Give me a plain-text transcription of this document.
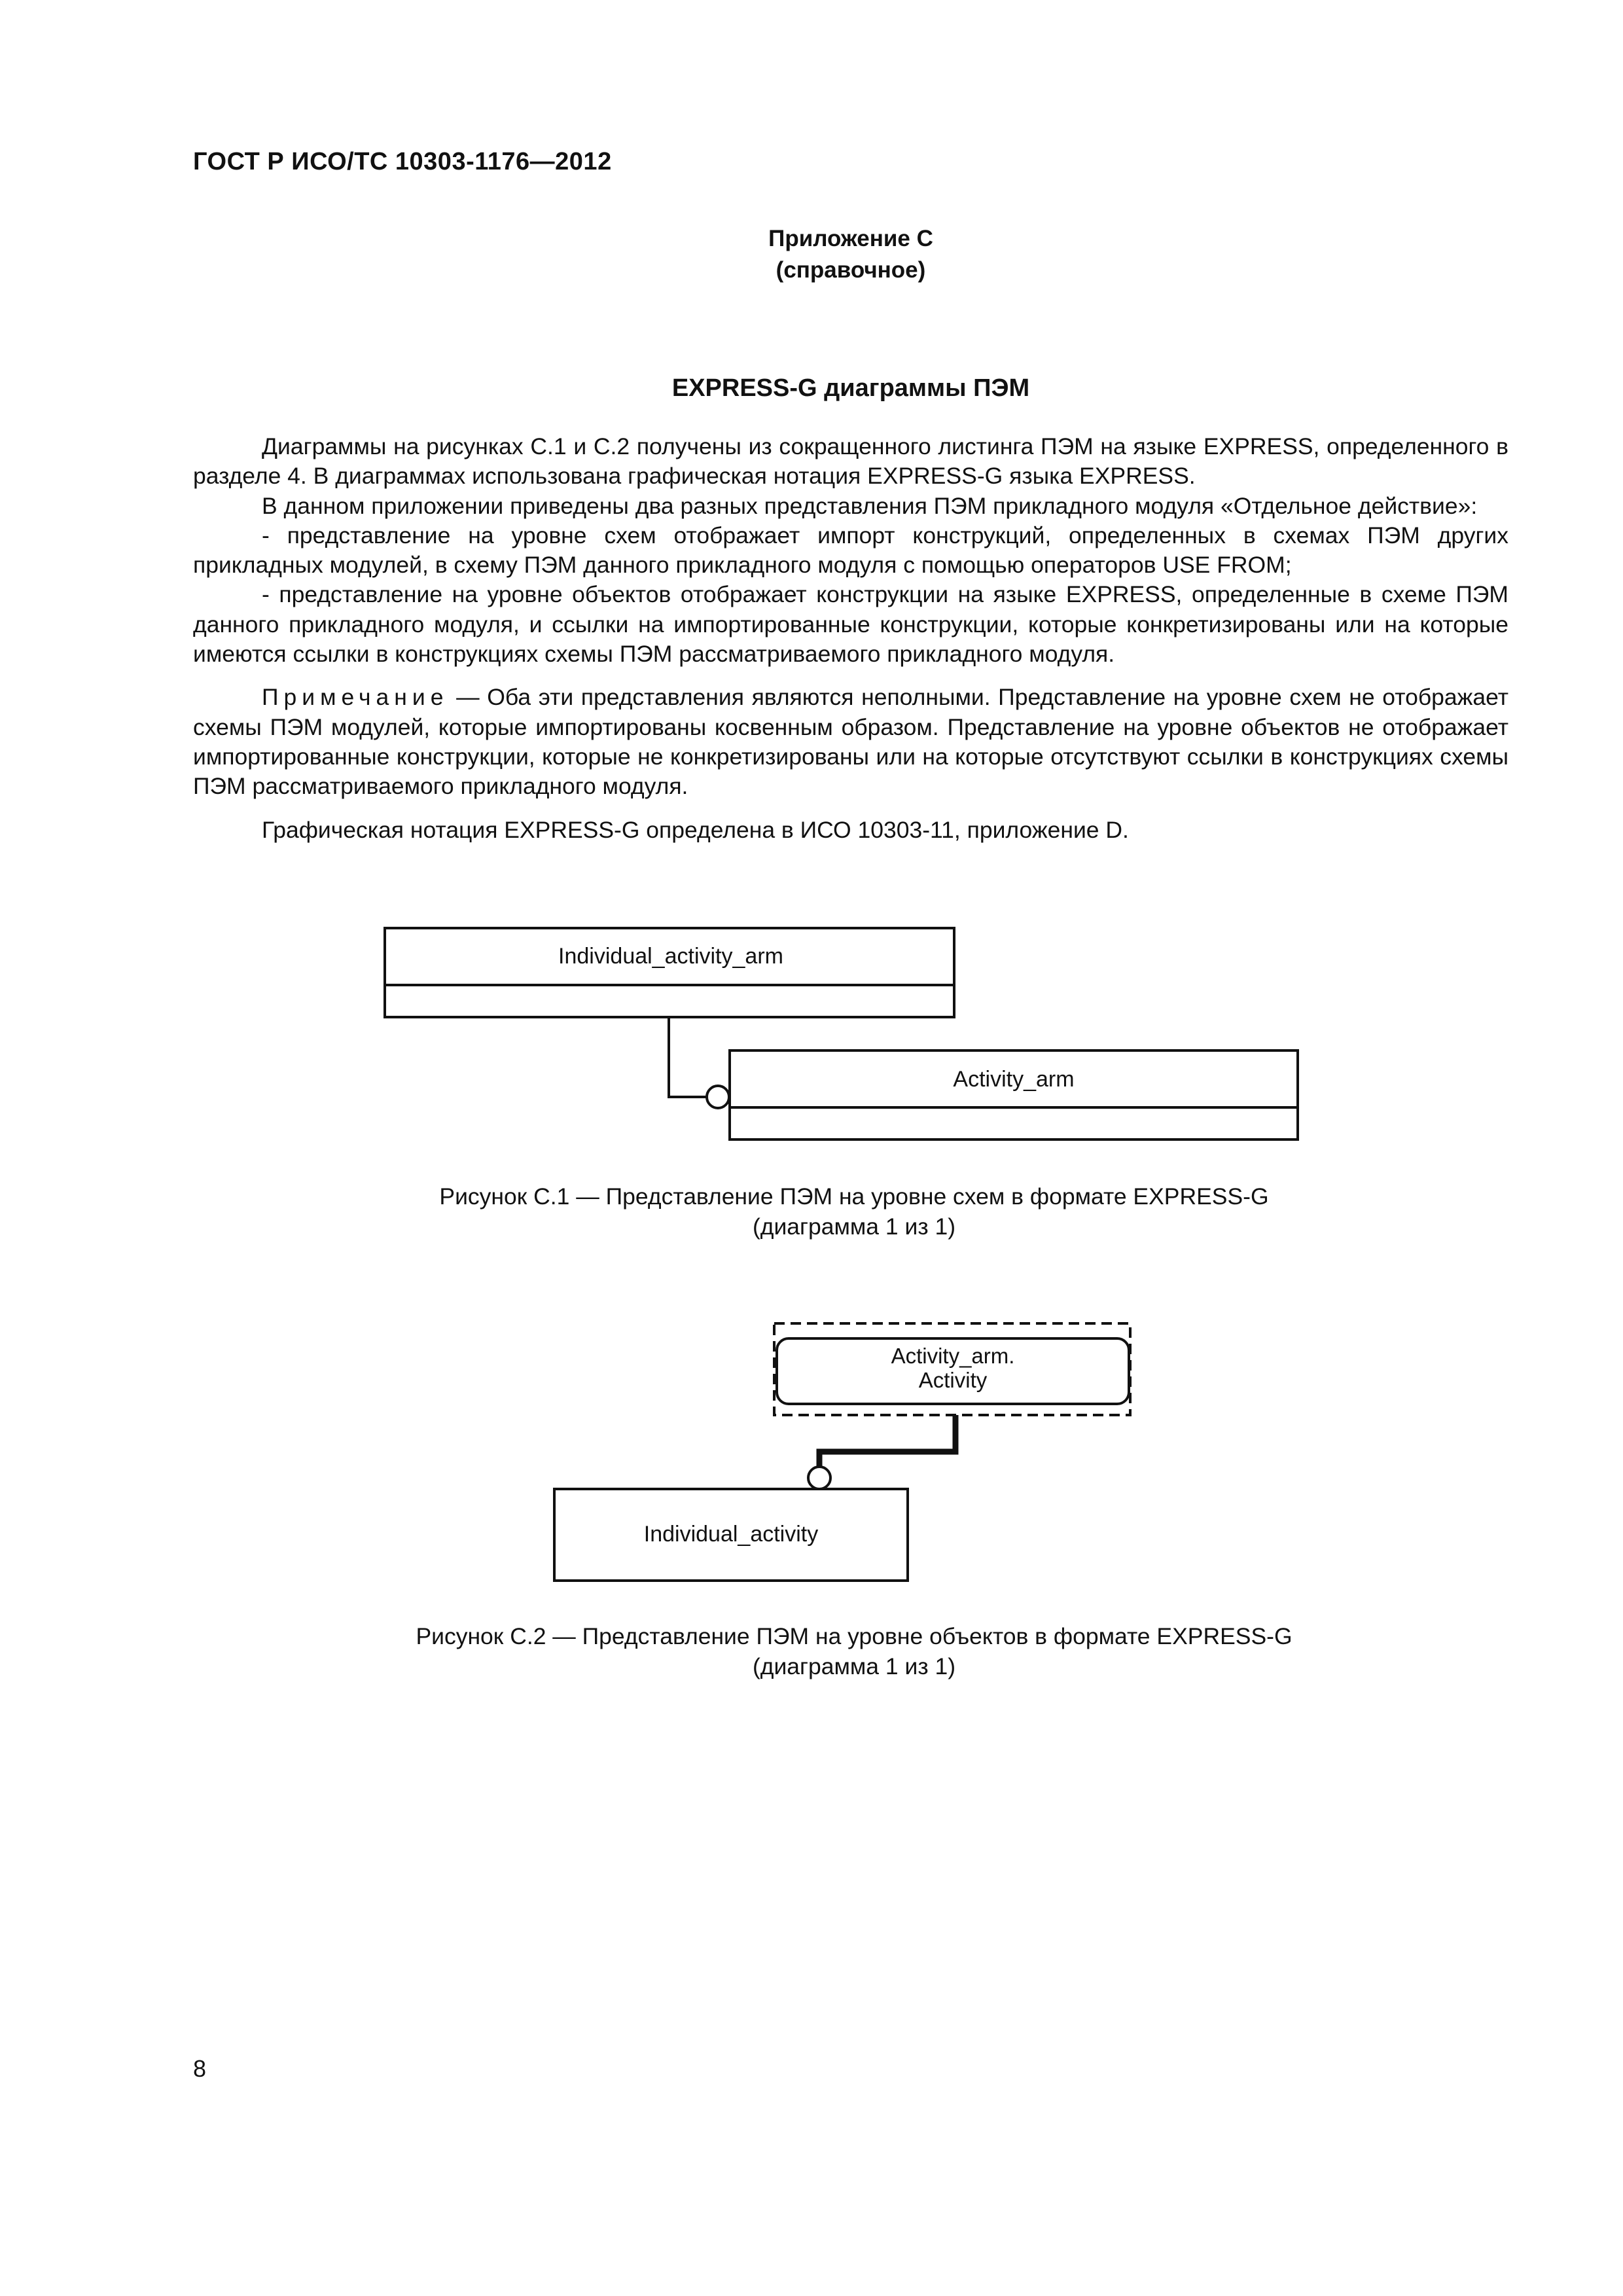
ГОСТ Р ИСО/ТС 10303-1176—2012
Приложение С
(справочное)
EXPRESS-G диаграммы ПЭМ

Диаграммы на рисунках С.1 и С.2 получены из сокращенного листинга ПЭМ на языке EXPRESS, определенного в разделе 4. В диаграммах использована графическая нотация EXPRESS-G языка EXPRESS.

В данном приложении приведены два разных представления ПЭМ прикладного модуля «Отдельное действие»:

- представление на уровне схем отображает импорт конструкций, определенных в схемах ПЭМ других прикладных модулей, в схему ПЭМ данного прикладного модуля с помощью операторов USE FROM;

- представление на уровне объектов отображает конструкции на языке EXPRESS, определенные в схеме ПЭМ данного прикладного модуля, и ссылки на импортированные конструкции, которые конкретизированы или на которые имеются ссылки в конструкциях схемы ПЭМ рассматриваемого прикладного модуля.

Примечание — Оба эти представления являются неполными. Представление на уровне схем не отображает схемы ПЭМ модулей, которые импортированы косвенным образом. Представление на уровне объектов не отображает импортированные конструкции, которые не конкретизированы или на которые отсутствуют ссылки в конструкциях схемы ПЭМ рассматриваемого прикладного модуля.

Графическая нотация EXPRESS-G определена в ИСО 10303-11, приложение D.

Individual_activity_arm
Activity_arm
Activity_arm.
Activity
Individual_activity
Рисунок С.1 — Представление ПЭМ на уровне схем в формате EXPRESS-G
(диаграмма 1 из 1)
Рисунок С.2 — Представление ПЭМ на уровне объектов в формате EXPRESS-G
(диаграмма 1 из 1)
8
